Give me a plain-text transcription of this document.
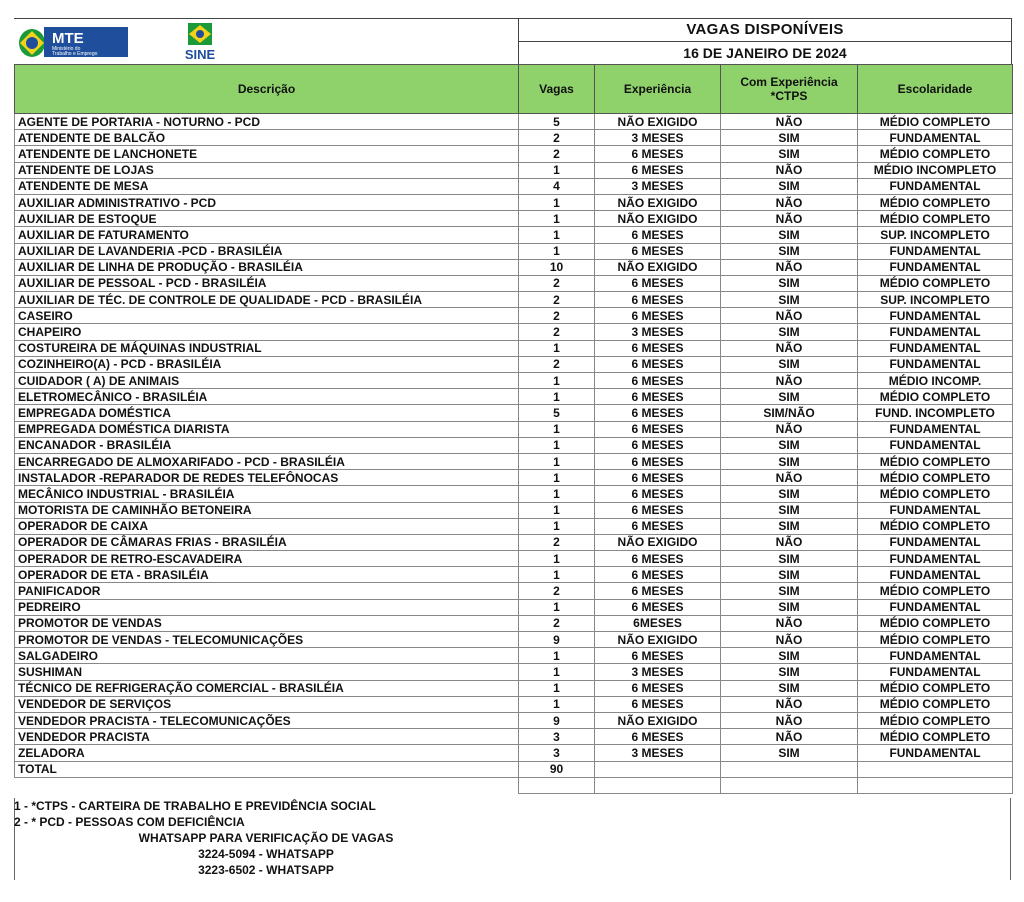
MTE
Ministério do
Trabalho e Emprego	SINE
VAGAS DISPONÍVEIS
16 DE JANEIRO DE 2024
Descrição	Vagas	Experiência	Com Experiência *CTPS	Escolaridade
AGENTE DE PORTARIA - NOTURNO - PCD	5	NÃO EXIGIDO	NÃO	MÉDIO COMPLETO
ATENDENTE DE BALCÃO	2	3 MESES	SIM	FUNDAMENTAL
ATENDENTE DE LANCHONETE	2	6 MESES	SIM	MÉDIO COMPLETO
ATENDENTE DE LOJAS	1	6 MESES	NÃO	MÉDIO INCOMPLETO
ATENDENTE DE MESA	4	3 MESES	SIM	FUNDAMENTAL
AUXILIAR ADMINISTRATIVO - PCD	1	NÃO EXIGIDO	NÃO	MÉDIO COMPLETO
AUXILIAR DE ESTOQUE	1	NÃO EXIGIDO	NÃO	MÉDIO COMPLETO
AUXILIAR DE FATURAMENTO	1	6 MESES	SIM	SUP. INCOMPLETO
AUXILIAR DE LAVANDERIA -PCD - BRASILÉIA	1	6 MESES	SIM	FUNDAMENTAL
AUXILIAR DE LINHA DE PRODUÇÃO - BRASILÉIA	10	NÃO EXIGIDO	NÃO	FUNDAMENTAL
AUXILIAR DE PESSOAL - PCD - BRASILÉIA	2	6 MESES	SIM	MÉDIO COMPLETO
AUXILIAR DE TÉC. DE CONTROLE DE QUALIDADE - PCD - BRASILÉIA	2	6 MESES	SIM	SUP. INCOMPLETO
CASEIRO	2	6 MESES	NÃO	FUNDAMENTAL
CHAPEIRO	2	3 MESES	SIM	FUNDAMENTAL
COSTUREIRA DE MÁQUINAS INDUSTRIAL	1	6 MESES	NÃO	FUNDAMENTAL
COZINHEIRO(A) - PCD - BRASILÉIA	2	6 MESES	SIM	FUNDAMENTAL
CUIDADOR ( A) DE ANIMAIS	1	6 MESES	NÃO	MÉDIO INCOMP.
ELETROMECÂNICO - BRASILÉIA	1	6 MESES	SIM	MÉDIO COMPLETO
EMPREGADA DOMÉSTICA	5	6 MESES	SIM/NÃO	FUND. INCOMPLETO
EMPREGADA DOMÉSTICA DIARISTA	1	6 MESES	NÃO	FUNDAMENTAL
ENCANADOR - BRASILÉIA	1	6 MESES	SIM	FUNDAMENTAL
ENCARREGADO DE ALMOXARIFADO - PCD - BRASILÉIA	1	6 MESES	SIM	MÉDIO COMPLETO
INSTALADOR -REPARADOR DE REDES TELEFÔNOCAS	1	6 MESES	NÃO	MÉDIO COMPLETO
MECÂNICO INDUSTRIAL - BRASILÉIA	1	6 MESES	SIM	MÉDIO COMPLETO
MOTORISTA DE CAMINHÃO BETONEIRA	1	6 MESES	SIM	FUNDAMENTAL
OPERADOR DE CAIXA	1	6 MESES	SIM	MÉDIO COMPLETO
OPERADOR DE CÂMARAS FRIAS - BRASILÉIA	2	NÃO EXIGIDO	NÃO	FUNDAMENTAL
OPERADOR DE RETRO-ESCAVADEIRA	1	6 MESES	SIM	FUNDAMENTAL
OPERADOR DE ETA - BRASILÉIA	1	6 MESES	SIM	FUNDAMENTAL
PANIFICADOR	2	6 MESES	SIM	MÉDIO COMPLETO
PEDREIRO	1	6 MESES	SIM	FUNDAMENTAL
PROMOTOR DE VENDAS	2	6MESES	NÃO	MÉDIO COMPLETO
PROMOTOR DE VENDAS - TELECOMUNICAÇÕES	9	NÃO EXIGIDO	NÃO	MÉDIO COMPLETO
SALGADEIRO	1	6 MESES	SIM	FUNDAMENTAL
SUSHIMAN	1	3 MESES	SIM	FUNDAMENTAL
TÉCNICO DE REFRIGERAÇÃO COMERCIAL - BRASILÉIA	1	6 MESES	SIM	MÉDIO COMPLETO
VENDEDOR DE SERVIÇOS	1	6 MESES	NÃO	MÉDIO COMPLETO
VENDEDOR PRACISTA - TELECOMUNICAÇÕES	9	NÃO EXIGIDO	NÃO	MÉDIO COMPLETO
VENDEDOR PRACISTA	3	6 MESES	NÃO	MÉDIO COMPLETO
ZELADORA	3	3 MESES	SIM	FUNDAMENTAL
TOTAL	90			

1 - *CTPS - CARTEIRA DE TRABALHO E PREVIDÊNCIA SOCIAL
2 - * PCD - PESSOAS COM DEFICIÊNCIA
WHATSAPP PARA VERIFICAÇÃO DE VAGAS
3224-5094 - WHATSAPP
3223-6502 - WHATSAPP
